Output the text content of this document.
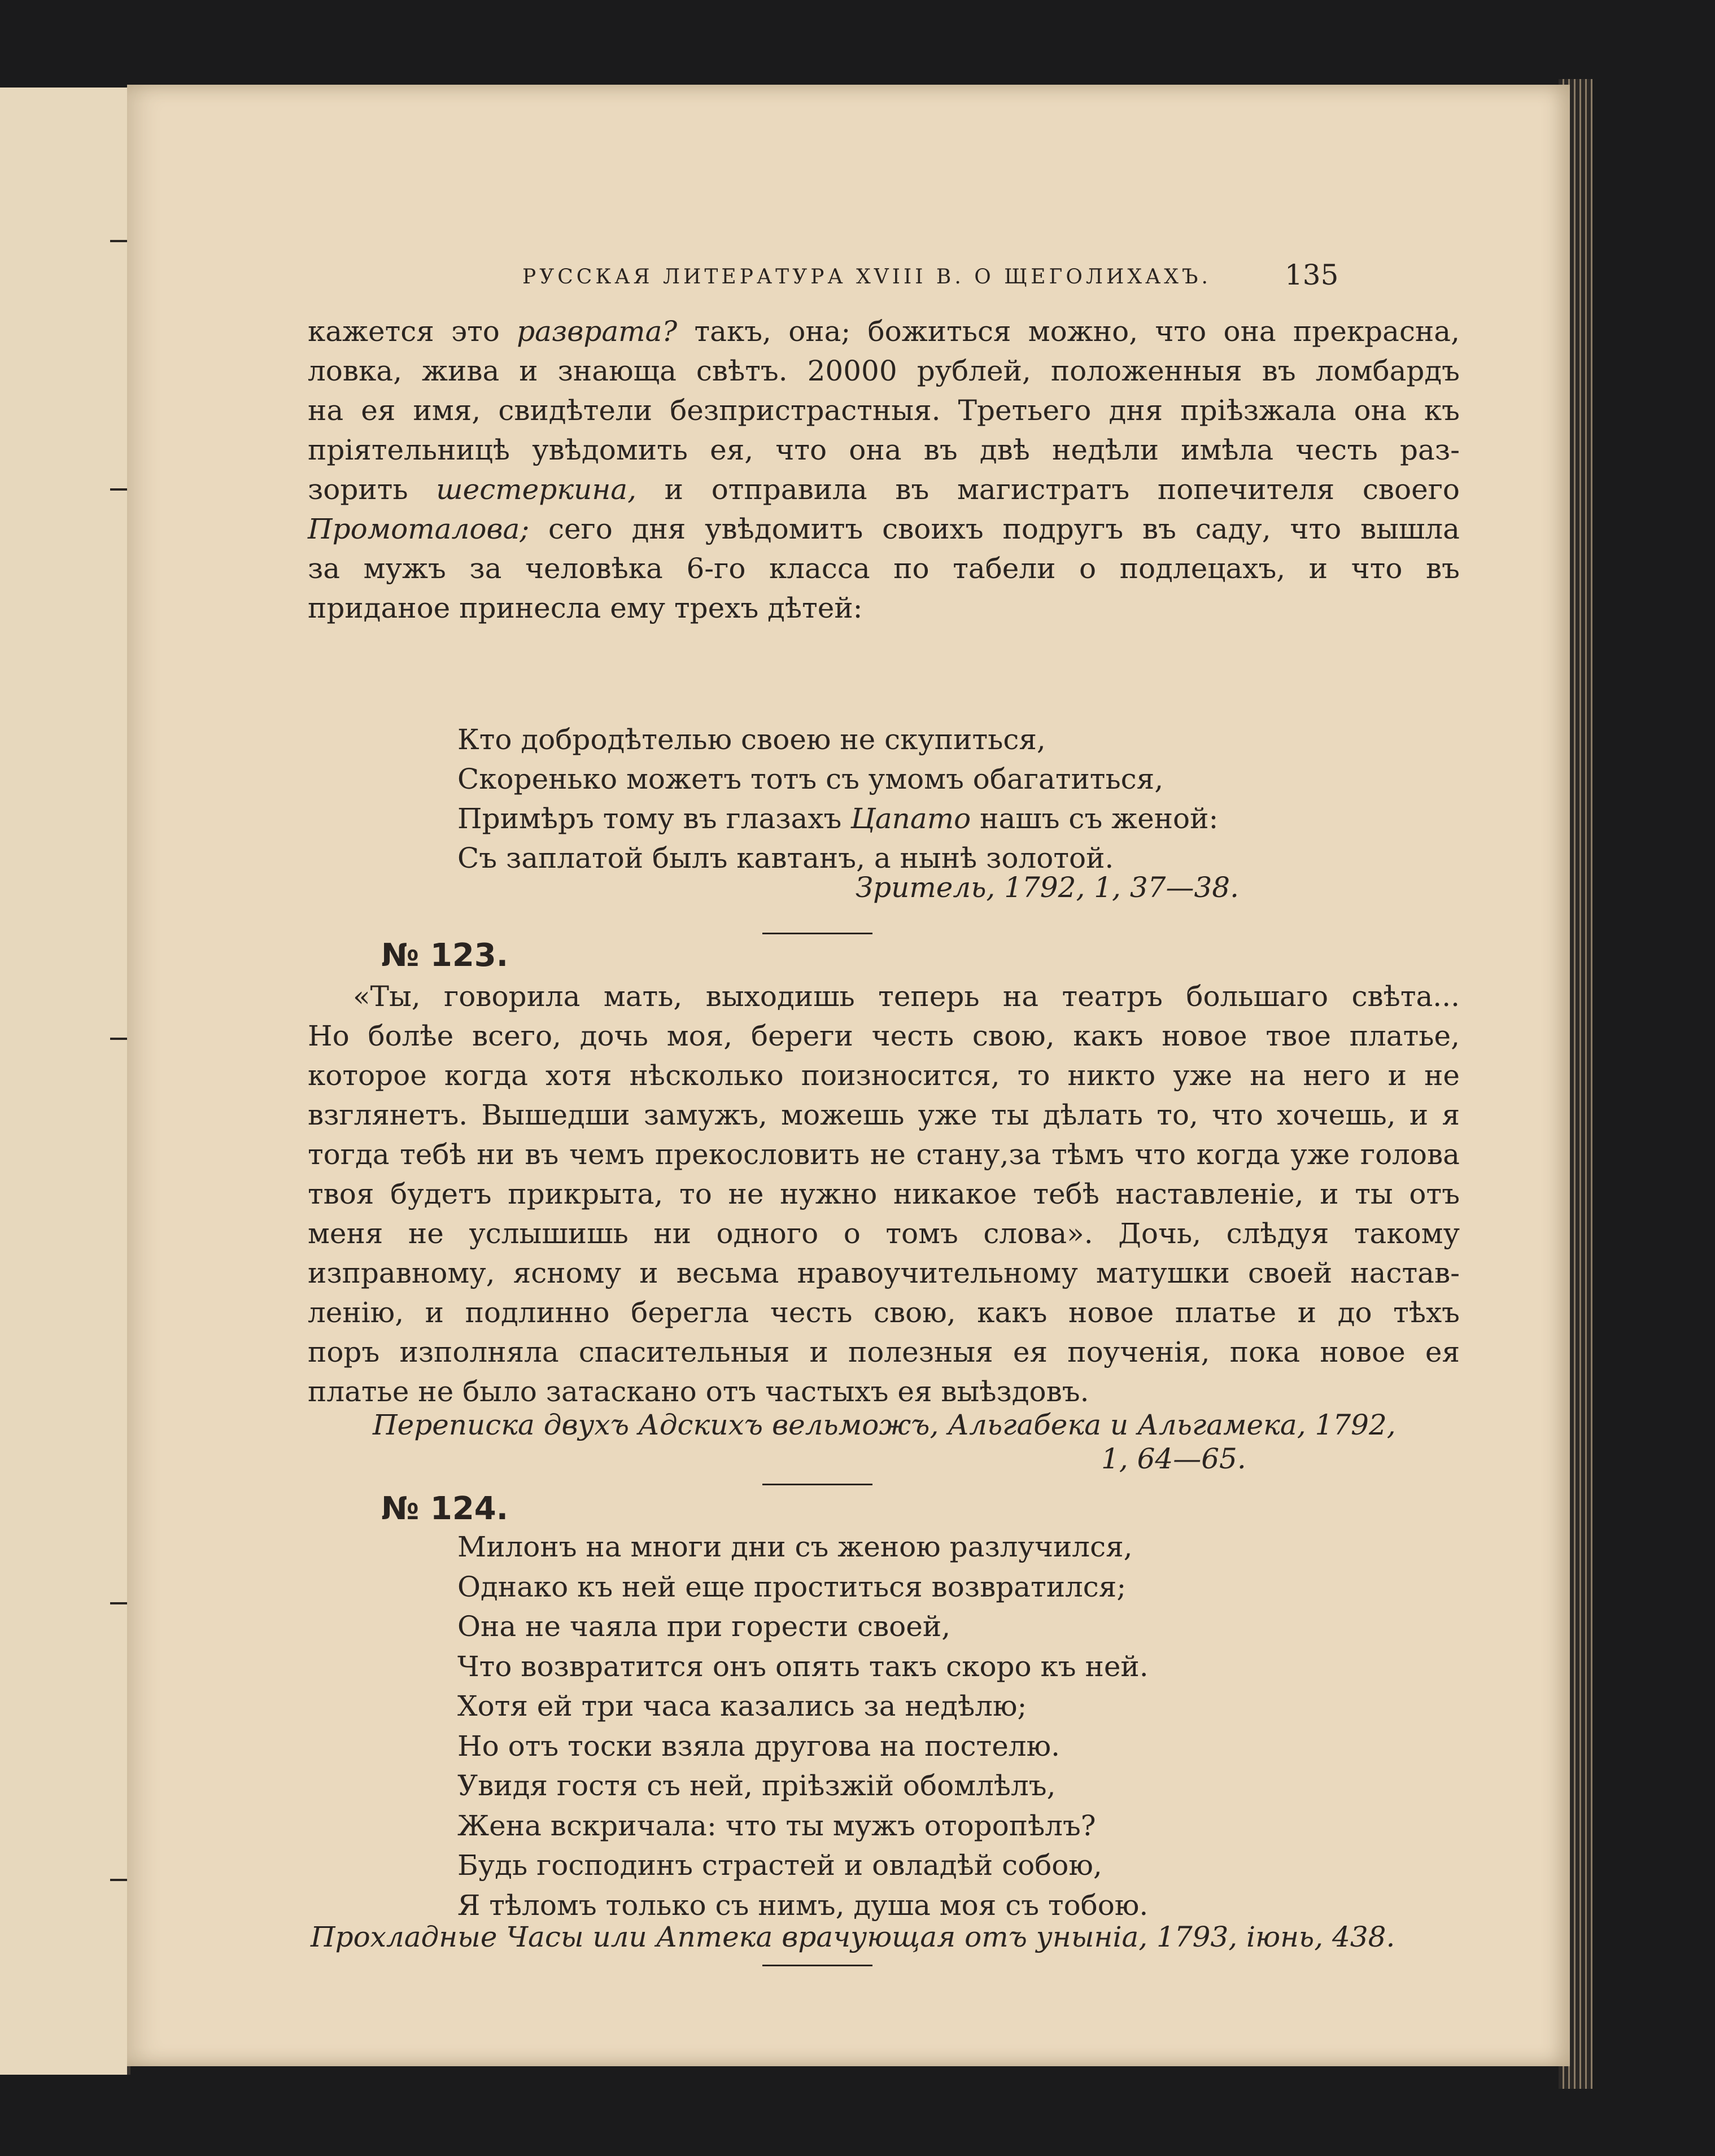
РУССКАЯ ЛИТЕРАТУРА XVIII В. О ЩЕГОЛИХАХЪ.	135
кажется это разврата? такъ, она; божиться можно, что она прекрасна,
ловка, жива и знающа свѣтъ. 20000 рублей, положенныя въ ломбардъ
на ея имя, свидѣтели безпристрастныя. Третьего дня пріѣзжала она къ
пріятельницѣ увѣдомить ея, что она въ двѣ недѣли имѣла честь раз-
зорить шестеркина, и отправила въ магистратъ попечителя своего
Промоталова; сего дня увѣдомитъ своихъ подругъ въ саду, что вышла
за мужъ за человѣка 6-го класса по табели о подлецахъ, и что въ
приданое принесла ему трехъ дѣтей:
Кто добродѣтелью своею не скупиться,
Скоренько можетъ тотъ съ умомъ обагатиться,
Примѣръ тому въ глазахъ Цапато нашъ съ женой:
Съ заплатой былъ кавтанъ, а нынѣ золотой.
Зритель, 1792, 1, 37—38.
№ 123.
«Ты, говорила мать, выходишь теперь на театръ большаго свѣта...
Но болѣе всего, дочь моя, береги честь свою, какъ новое твое платье,
которое когда хотя нѣсколько поизносится, то никто уже на него и не
взглянетъ. Вышедши замужъ, можешь уже ты дѣлать то, что хочешь, и я
тогда тебѣ ни въ чемъ прекословить не стану,за тѣмъ что когда уже голова
твоя будетъ прикрыта, то не нужно никакое тебѣ наставленіе, и ты отъ
меня не услышишь ни одного о томъ слова». Дочь, слѣдуя такому
изправному, ясному и весьма нравоучительному матушки своей настав-
ленію, и подлинно берегла честь свою, какъ новое платье и до тѣхъ
поръ изполняла спасительныя и полезныя ея поученія, пока новое ея
платье не было затаскано отъ частыхъ ея выѣздовъ.
Переписка двухъ Адскихъ вельможъ, Альгабека и Альгамека, 1792,
1, 64—65.
№ 124.
Милонъ на многи дни съ женою разлучился,
Однако къ ней еще проститься возвратился;
Она не чаяла при горести своей,
Что возвратится онъ опять такъ скоро къ ней.
Хотя ей три часа казались за недѣлю;
Но отъ тоски взяла другова на постелю.
Увидя гостя съ ней, пріѣзжій обомлѣлъ,
Жена вскричала: что ты мужъ оторопѣлъ?
Будь господинъ страстей и овладѣй собою,
Я тѣломъ только съ нимъ, душа моя съ тобою.
Прохладные Часы или Аптека врачующая отъ уныніа, 1793, іюнь, 438.
